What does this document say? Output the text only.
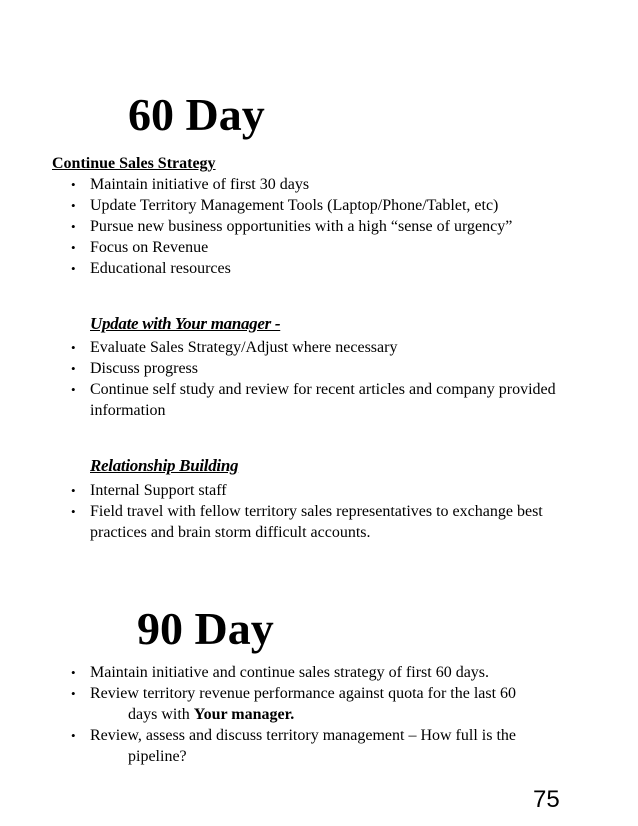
60 Day
Continue Sales Strategy
• Maintain initiative of first 30 days
• Update Territory Management Tools (Laptop/Phone/Tablet, etc)
• Pursue new business opportunities with a high “sense of urgency”
• Focus on Revenue
• Educational resources
Update with Your manager -
• Evaluate Sales Strategy/Adjust where necessary
• Discuss progress
• Continue self study and review for recent articles and company provided information
Relationship Building
• Internal Support staff
• Field travel with fellow territory sales representatives to exchange best practices and brain storm difficult accounts.
90 Day
• Maintain initiative and continue sales strategy of first 60 days.
• Review territory revenue performance against quota for the last 60
days with Your manager.
• Review, assess and discuss territory management – How full is the
pipeline?
75
